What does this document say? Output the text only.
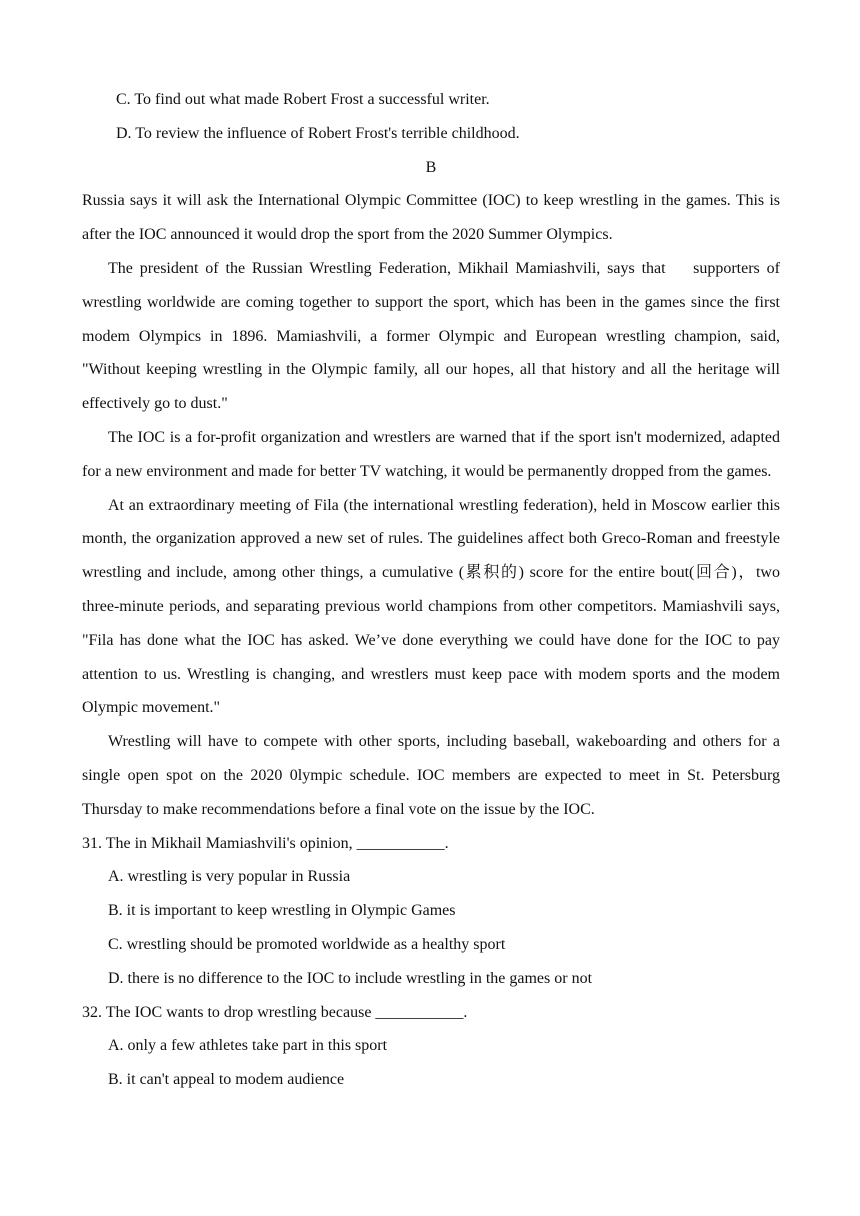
C. To find out what made Robert Frost a successful writer.

D. To review the influence of Robert Frost's terrible childhood.

B

Russia says it will ask the International Olympic Committee (IOC) to keep wrestling in the games. This is after the IOC announced it would drop the sport from the 2020 Summer Olympics.

The president of the Russian Wrestling Federation, Mikhail Mamiashvili, says that    supporters of wrestling worldwide are coming together to support the sport, which has been in the games since the first modem Olympics in 1896. Mamiashvili, a former Olympic and European wrestling champion, said,    "Without keeping wrestling in the Olympic family, all our hopes, all that history and all the heritage will effectively go to dust."

The IOC is a for-profit organization and wrestlers are warned that if the sport isn't modernized, adapted for a new environment and made for better TV watching, it would be permanently dropped from the games.

At an extraordinary meeting of Fila (the international wrestling federation), held in Moscow earlier this month, the organization approved a new set of rules. The guidelines affect both Greco-Roman and freestyle wrestling and include, among other things, a cumulative (累积的) score for the entire bout(回合)，two three-minute periods, and separating previous world champions from other competitors. Mamiashvili says, "Fila has done what the IOC has asked. We’ve done everything we could have done for the IOC to pay attention to us. Wrestling is changing, and wrestlers must keep pace with modem sports and the modem Olympic movement."

Wrestling will have to compete with other sports, including baseball, wakeboarding and others for a single open spot on the 2020 0lympic schedule. IOC members are expected to meet in St. Petersburg Thursday to make recommendations before a final vote on the issue by the IOC.

31. The in Mikhail Mamiashvili's opinion, ___________.

A. wrestling is very popular in Russia

B. it is important to keep wrestling in Olympic Games

C. wrestling should be promoted worldwide as a healthy sport

D. there is no difference to the IOC to include wrestling in the games or not

32. The IOC wants to drop wrestling because ___________.

A. only a few athletes take part in this sport

B. it can't appeal to modem audience
